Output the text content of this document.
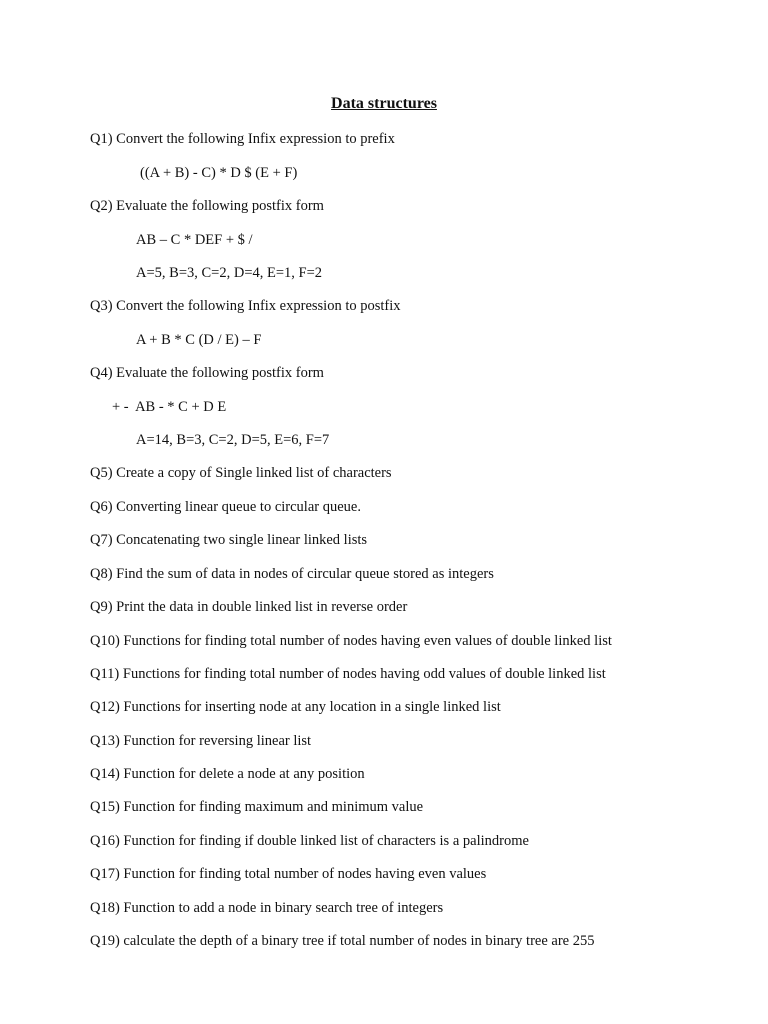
Data structures
Q1) Convert the following Infix expression to prefix
((A + B) - C) * D $ (E + F)
Q2) Evaluate the following postfix form
AB – C * DEF + $ /
A=5, B=3, C=2, D=4, E=1, F=2
Q3) Convert the following Infix expression to postfix
A + B * C (D / E) – F
Q4) Evaluate the following postfix form
+ -  AB - * C + D E
A=14, B=3, C=2, D=5, E=6, F=7
Q5) Create a copy of Single linked list of characters
Q6) Converting linear queue to circular queue.
Q7) Concatenating two single linear linked lists
Q8) Find the sum of data in nodes of circular queue stored as integers
Q9) Print the data in double linked list in reverse order
Q10) Functions for finding total number of nodes having even values of double linked list
Q11) Functions for finding total number of nodes having odd values of double linked list
Q12) Functions for inserting node at any location in a single linked list
Q13) Function for reversing linear list
Q14) Function for delete a node at any position
Q15) Function for finding maximum and minimum value
Q16) Function for finding if double linked list of characters is a palindrome
Q17) Function for finding total number of nodes having even values
Q18) Function to add a node in binary search tree of integers
Q19) calculate the depth of a binary tree if total number of nodes in binary tree are 255
